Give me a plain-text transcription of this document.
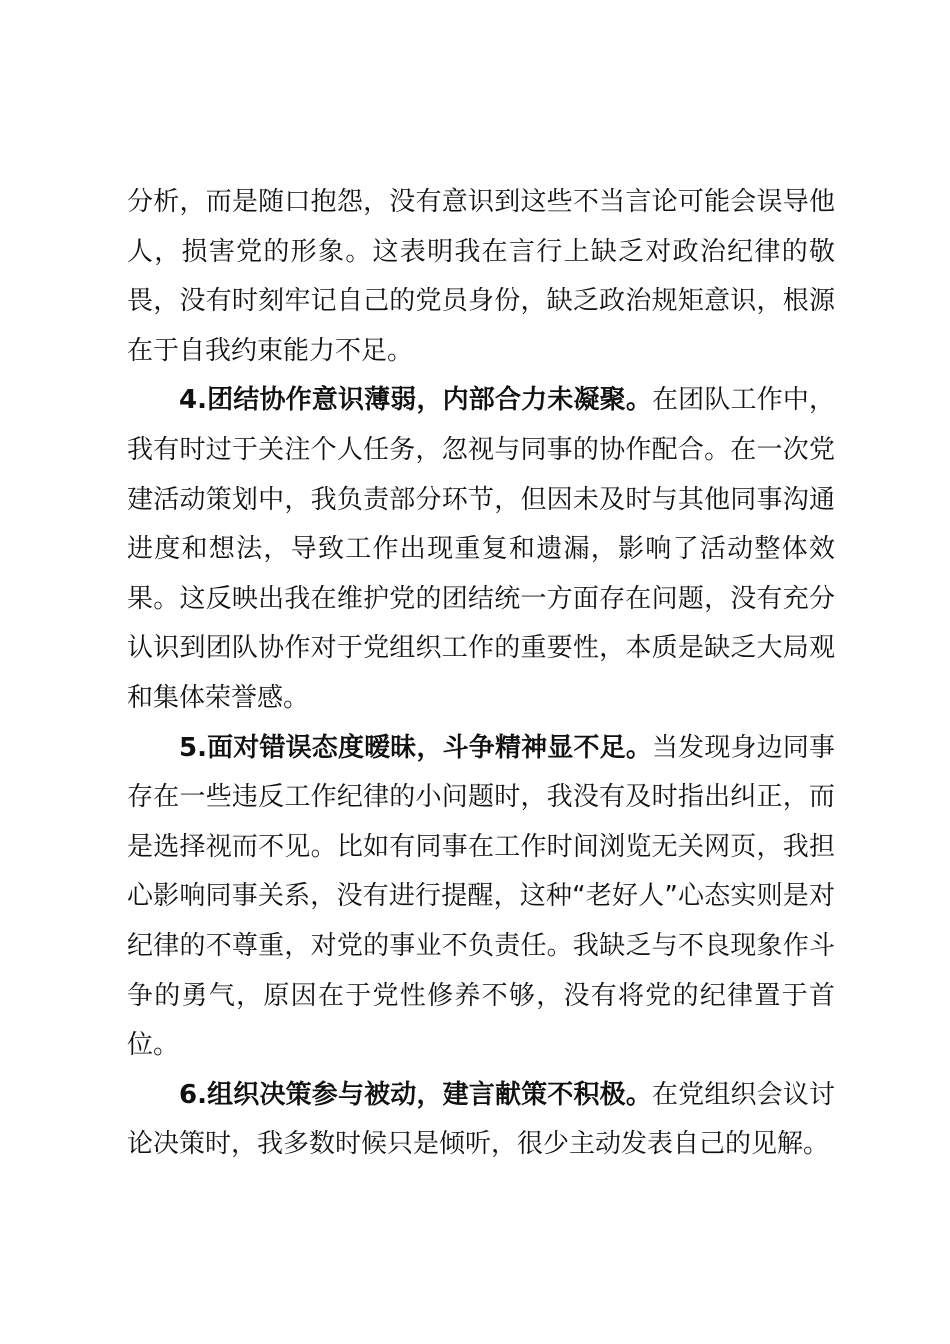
分析，而是随口抱怨，没有意识到这些不当言论可能会误导他人，损害党的形象。这表明我在言行上缺乏对政治纪律的敬畏，没有时刻牢记自己的党员身份，缺乏政治规矩意识，根源在于自我约束能力不足。

4.团结协作意识薄弱，内部合力未凝聚。在团队工作中，我有时过于关注个人任务，忽视与同事的协作配合。在一次党建活动策划中，我负责部分环节，但因未及时与其他同事沟通进度和想法，导致工作出现重复和遗漏，影响了活动整体效果。这反映出我在维护党的团结统一方面存在问题，没有充分认识到团队协作对于党组织工作的重要性，本质是缺乏大局观和集体荣誉感。

5.面对错误态度暧昧，斗争精神显不足。当发现身边同事存在一些违反工作纪律的小问题时，我没有及时指出纠正，而是选择视而不见。比如有同事在工作时间浏览无关网页，我担心影响同事关系，没有进行提醒，这种“老好人”心态实则是对纪律的不尊重，对党的事业不负责任。我缺乏与不良现象作斗争的勇气，原因在于党性修养不够，没有将党的纪律置于首位。

6.组织决策参与被动，建言献策不积极。在党组织会议讨论决策时，我多数时候只是倾听，很少主动发表自己的见解。
